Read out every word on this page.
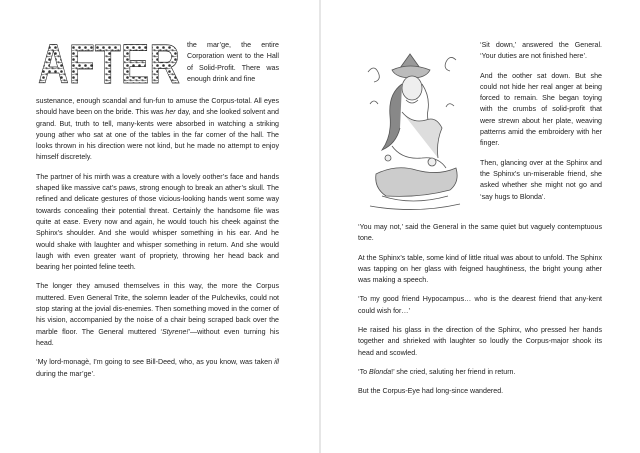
AFTER the mar’ge, the entire Corporation went to the Hall of Solid-Profit. There was enough drink and fine

sustenance, enough scandal and fun-fun to amuse the Corpus-total. All eyes should have been on the bride. This was her day, and she looked solvent and grand. But, truth to tell, many-kents were absorbed in watching a striking young ather who sat at one of the tables in the far corner of the hall. The looks thrown in his direction were not kind, but he made no attempt to enjoy himself discretely.

The partner of his mirth was a creature with a lovely oother’s face and hands shaped like massive cat’s paws, strong enough to break an ather’s skull. The refined and delicate gestures of those vicious-looking hands went some way towards concealing their potential threat. Certainly the handsome file was quite at ease. Every now and again, he would touch his cheek against the Sphinx’s shoulder. And she would whisper something in his ear. And he would shake with laughter and whisper something in return. And she would laugh with even greater want of propriety, throwing her head back and bearing her pointed feline teeth.

The longer they amused themselves in this way, the more the Corpus muttered. Even General Trite, the solemn leader of the Pulcheviks, could not stop staring at the jovial dis-enemies. Then something moved in the corner of his vision, accompanied by the noise of a chair being scraped back over the marble floor. The General muttered ‘Styrene!’—without even turning his head.

‘My lord-monagè, I’m going to see Bill-Deed, who, as you know, was taken ill during the mar’ge’.

‘Sit down,’ answered the General. ‘Your duties are not finished here’.

And the oother sat down. But she could not hide her real anger at being forced to remain. She began toying with the crumbs of solid-profit that were strewn about her plate, weaving patterns amid the embroidery with her finger.

Then, glancing over at the Sphinx and the Sphinx’s un-miserable friend, she asked whether she might not go and ‘say hugs to Blonda’.

‘You may not,’ said the General in the same quiet but vaguely contemptuous tone.

At the Sphinx’s table, some kind of little ritual was about to unfold. The Sphinx was tapping on her glass with feigned haughtiness, the bright young ather was making a speech.

‘To my good friend Hypocampus… who is the dearest friend that any-kent could wish for…’

He raised his glass in the direction of the Sphinx, who pressed her hands together and shrieked with laughter so loudly the Corpus-major shook its head and scowled.

‘To Blonda!’ she cried, saluting her friend in return.

But the Corpus-Eye had long-since wandered.
